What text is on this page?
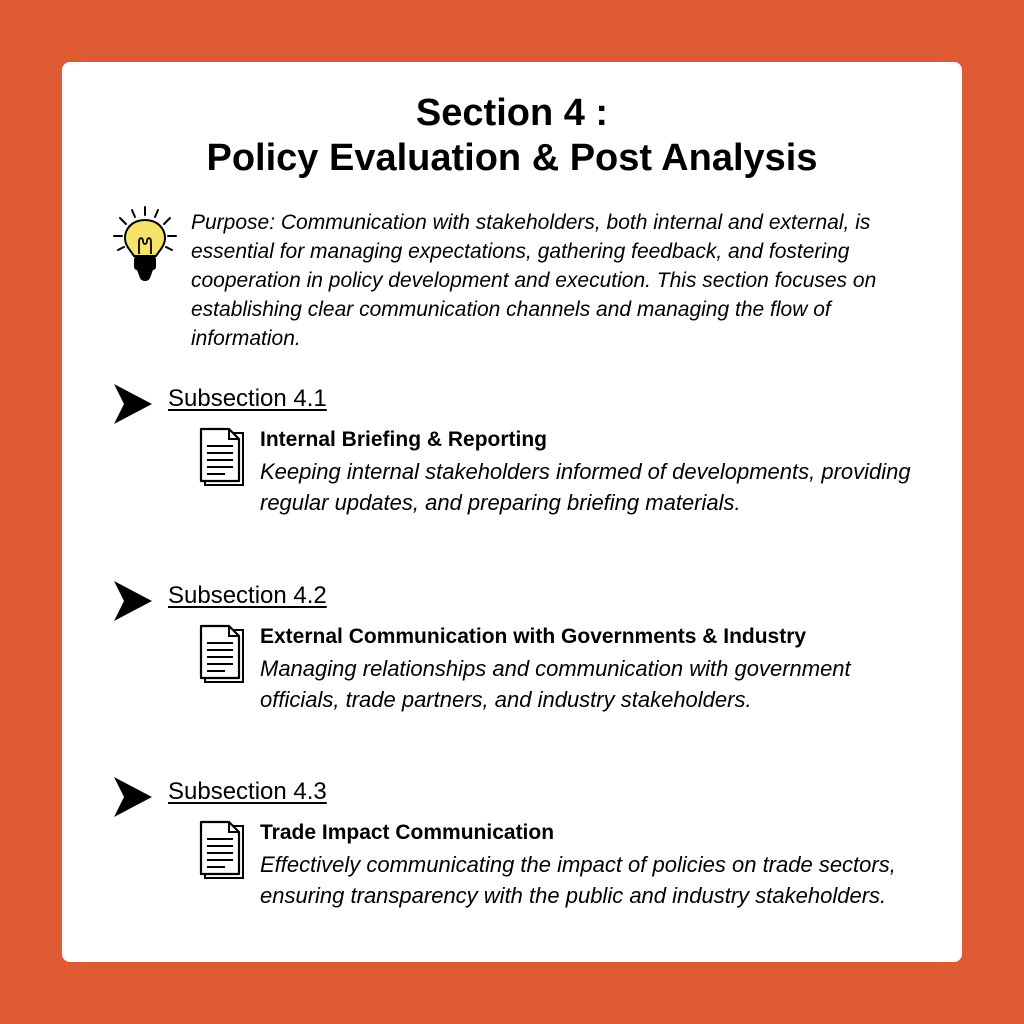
Section 4 :
Policy Evaluation & Post Analysis
Purpose: Communication with stakeholders, both internal and external, is essential for managing expectations, gathering feedback, and fostering cooperation in policy development and execution. This section focuses on establishing clear communication channels and managing the flow of information.
Subsection 4.1
Internal Briefing & Reporting
Keeping internal stakeholders informed of developments, providing regular updates, and preparing briefing materials.
Subsection 4.2
External Communication with Governments & Industry
Managing relationships and communication with government officials, trade partners, and industry stakeholders.
Subsection 4.3
Trade Impact Communication
Effectively communicating the impact of policies on trade sectors, ensuring transparency with the public and industry stakeholders.
